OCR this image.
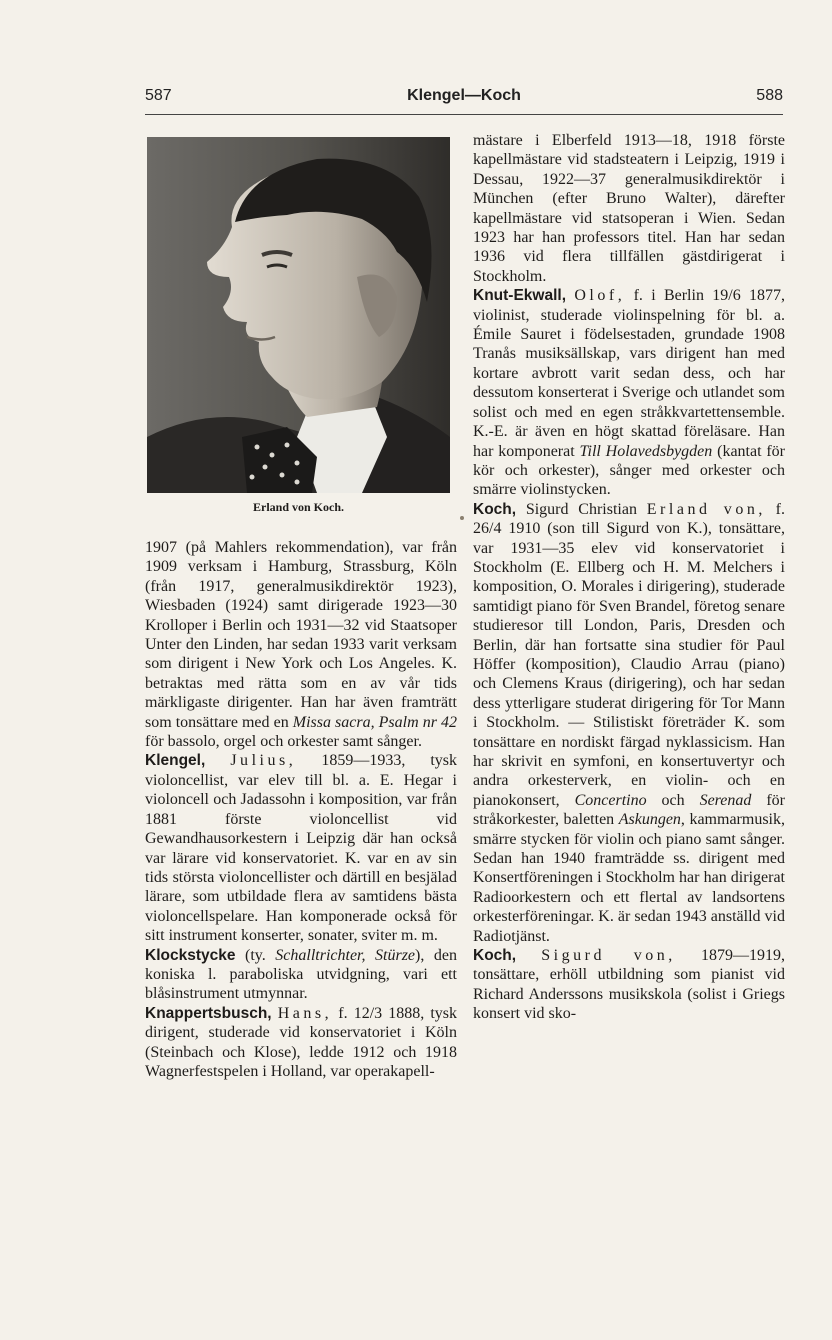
587	Klengel—Koch	588
Erland von Koch.

1907 (på Mahlers rekommendation), var från 1909 verksam i Hamburg, Strassburg, Köln (från 1917, generalmusikdirektör 1923), Wiesbaden (1924) samt dirigerade 1923—30 Krolloper i Berlin och 1931—32 vid Staatsoper Unter den Linden, har sedan 1933 varit verksam som dirigent i New York och Los Angeles. K. betraktas med rätta som en av vår tids märkligaste dirigenter. Han har även framträtt som tonsättare med en Missa sacra, Psalm nr 42 för bassolo, orgel och orkester samt sånger.

Klengel, Julius, 1859—1933, tysk violoncellist, var elev till bl. a. E. Hegar i violoncell och Jadassohn i komposition, var från 1881 förste violoncellist vid Gewandhausorkestern i Leipzig där han också var lärare vid konservatoriet. K. var en av sin tids största violoncellister och därtill en besjälad lärare, som utbildade flera av samtidens bästa violoncellspelare. Han komponerade också för sitt instrument konserter, sonater, sviter m. m.

Klockstycke (ty. Schalltrichter, Stürze), den koniska l. paraboliska utvidgning, vari ett blåsinstrument utmynnar.

Knappertsbusch, Hans, f. 12/3 1888, tysk dirigent, studerade vid konservatoriet i Köln (Steinbach och Klose), ledde 1912 och 1918 Wagnerfestspelen i Holland, var operakapell-

mästare i Elberfeld 1913—18, 1918 förste kapellmästare vid stadsteatern i Leipzig, 1919 i Dessau, 1922—37 generalmusikdirektör i München (efter Bruno Walter), därefter kapellmästare vid statsoperan i Wien. Sedan 1923 har han professors titel. Han har sedan 1936 vid flera tillfällen gästdirigerat i Stockholm.

Knut-Ekwall, Olof, f. i Berlin 19/6 1877, violinist, studerade violinspelning för bl. a. Émile Sauret i födelsestaden, grundade 1908 Tranås musiksällskap, vars dirigent han med kortare avbrott varit sedan dess, och har dessutom konserterat i Sverige och utlandet som solist och med en egen stråkkvartettensemble. K.-E. är även en högt skattad föreläsare. Han har komponerat Till Holavedsbygden (kantat för kör och orkester), sånger med orkester och smärre violinstycken.

Koch, Sigurd Christian Erland von, f. 26/4 1910 (son till Sigurd von K.), tonsättare, var 1931—35 elev vid konservatoriet i Stockholm (E. Ellberg och H. M. Melchers i komposition, O. Morales i dirigering), studerade samtidigt piano för Sven Brandel, företog senare studieresor till London, Paris, Dresden och Berlin, där han fortsatte sina studier för Paul Höffer (komposition), Claudio Arrau (piano) och Clemens Kraus (dirigering), och har sedan dess ytterligare studerat dirigering för Tor Mann i Stockholm. — Stilistiskt företräder K. som tonsättare en nordiskt färgad nyklassicism. Han har skrivit en symfoni, en konsertuvertyr och andra orkesterverk, en violin- och en pianokonsert, Concertino och Serenad för stråkorkester, baletten Askungen, kammarmusik, smärre stycken för violin och piano samt sånger. Sedan han 1940 framträdde ss. dirigent med Konsertföreningen i Stockholm har han dirigerat Radioorkestern och ett flertal av landsortens orkesterföreningar. K. är sedan 1943 anställd vid Radiotjänst.

Koch, Sigurd von, 1879—1919, tonsättare, erhöll utbildning som pianist vid Richard Anderssons musikskola (solist i Griegs konsert vid sko-
